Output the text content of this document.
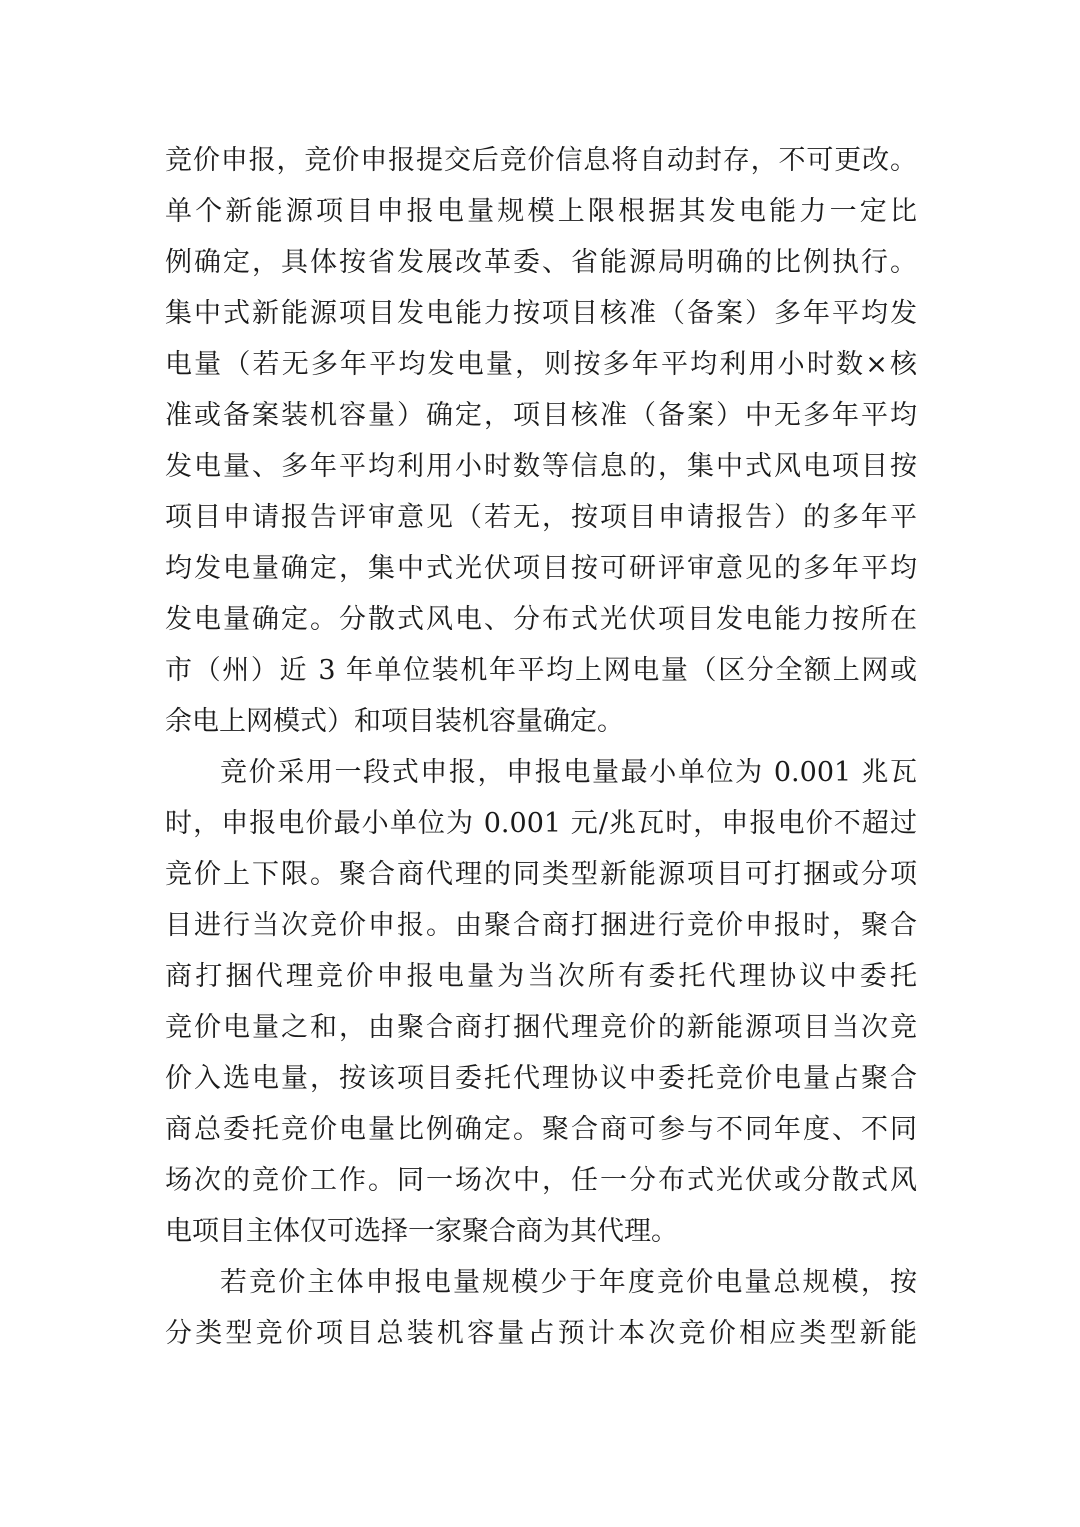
竞价申报，竞价申报提交后竞价信息将自动封存，不可更改。
单个新能源项目申报电量规模上限根据其发电能力一定比
例确定，具体按省发展改革委、省能源局明确的比例执行。
集中式新能源项目发电能力按项目核准（备案）多年平均发
电量（若无多年平均发电量，则按多年平均利用小时数×核
准或备案装机容量）确定，项目核准（备案）中无多年平均
发电量、多年平均利用小时数等信息的，集中式风电项目按
项目申请报告评审意见（若无，按项目申请报告）的多年平
均发电量确定，集中式光伏项目按可研评审意见的多年平均
发电量确定。分散式风电、分布式光伏项目发电能力按所在
市（州）近 3 年单位装机年平均上网电量（区分全额上网或
余电上网模式）和项目装机容量确定。
竞价采用一段式申报，申报电量最小单位为 0.001 兆瓦
时，申报电价最小单位为 0.001 元/兆瓦时，申报电价不超过
竞价上下限。聚合商代理的同类型新能源项目可打捆或分项
目进行当次竞价申报。由聚合商打捆进行竞价申报时，聚合
商打捆代理竞价申报电量为当次所有委托代理协议中委托
竞价电量之和，由聚合商打捆代理竞价的新能源项目当次竞
价入选电量，按该项目委托代理协议中委托竞价电量占聚合
商总委托竞价电量比例确定。聚合商可参与不同年度、不同
场次的竞价工作。同一场次中，任一分布式光伏或分散式风
电项目主体仅可选择一家聚合商为其代理。
若竞价主体申报电量规模少于年度竞价电量总规模，按
分类型竞价项目总装机容量占预计本次竞价相应类型新能
